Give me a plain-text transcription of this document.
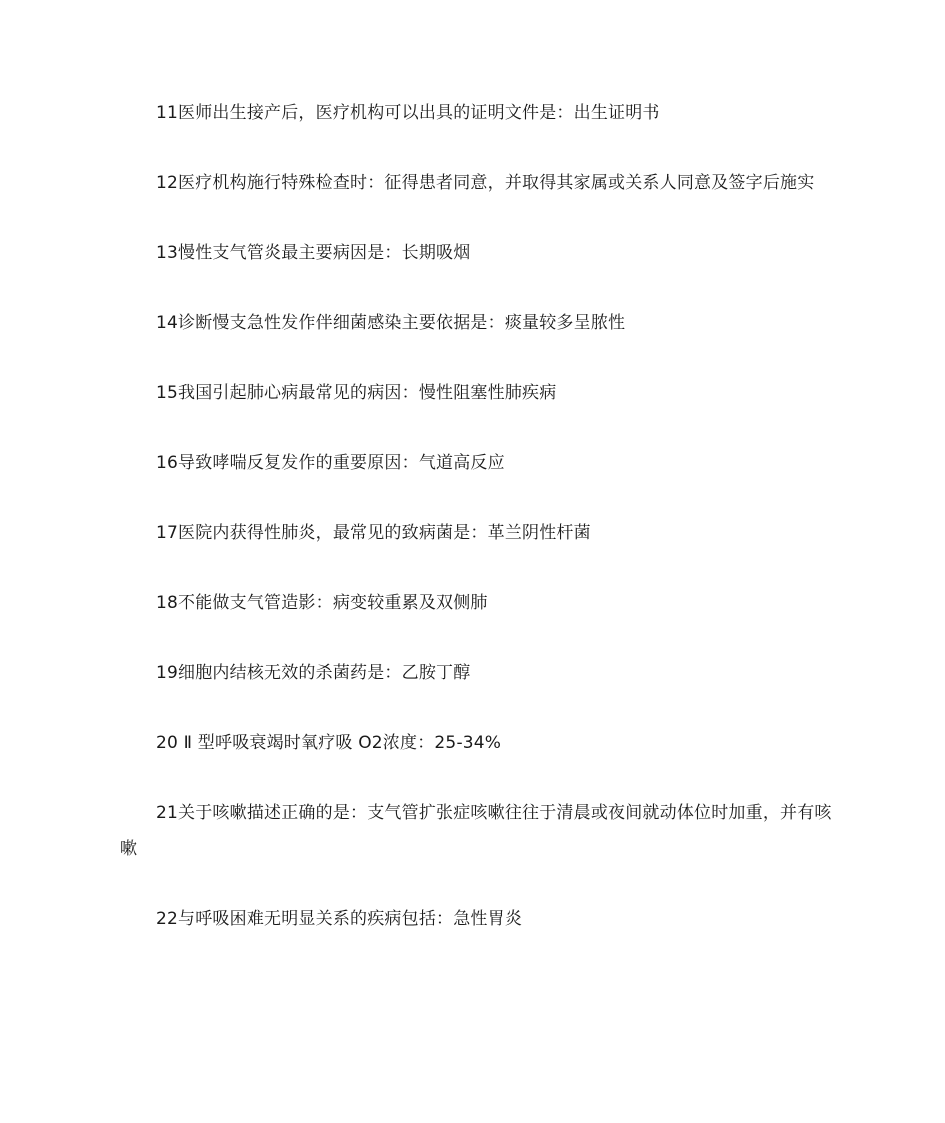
11医师出生接产后，医疗机构可以出具的证明文件是：出生证明书

12医疗机构施行特殊检查时：征得患者同意，并取得其家属或关系人同意及签字后施实

13慢性支气管炎最主要病因是：长期吸烟

14诊断慢支急性发作伴细菌感染主要依据是：痰量较多呈脓性

15我国引起肺心病最常见的病因：慢性阻塞性肺疾病

16导致哮喘反复发作的重要原因：气道高反应

17医院内获得性肺炎，最常见的致病菌是：革兰阴性杆菌

18不能做支气管造影：病变较重累及双侧肺

19细胞内结核无效的杀菌药是：乙胺丁醇

20 Ⅱ 型呼吸衰竭时氧疗吸 O2浓度：25-34%

21关于咳嗽描述正确的是：支气管扩张症咳嗽往往于清晨或夜间就动体位时加重，并有咳嗽

22与呼吸困难无明显关系的疾病包括：急性胃炎
